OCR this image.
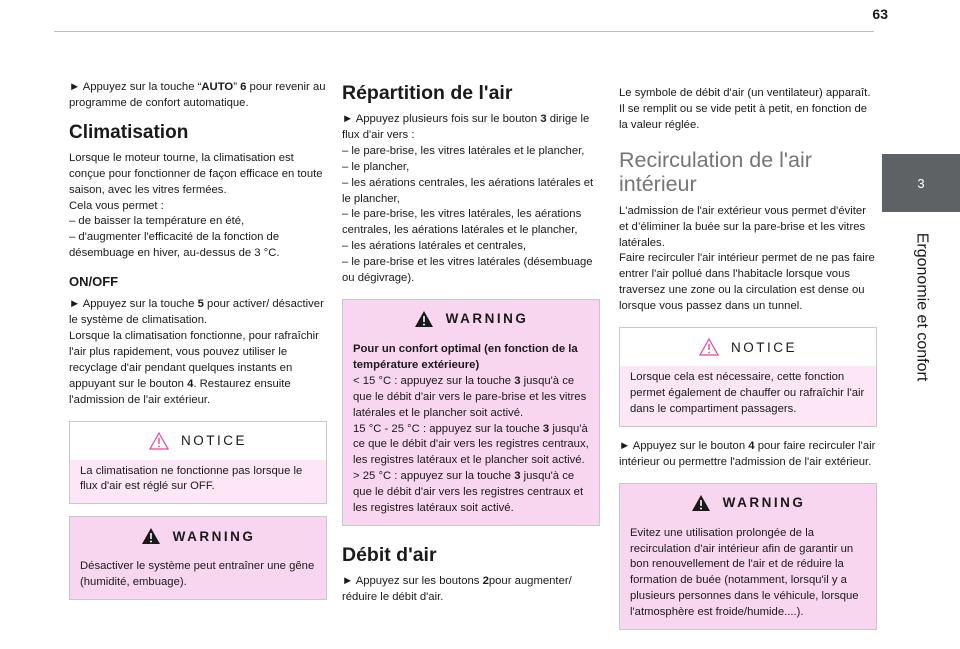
63
3
Ergonomie et confort

► Appuyez sur la touche “AUTO” 6 pour revenir au programme de confort automatique.

Climatisation

Lorsque le moteur tourne, la climatisation est conçue pour fonctionner de façon efficace en toute saison, avec les vitres fermées.

Cela vous permet :

– de baisser la température en été,

– d'augmenter l'efficacité de la fonction de désembuage en hiver, au-dessus de 3 °C.

ON/OFF

► Appuyez sur la touche 5 pour activer/ désactiver le système de climatisation.

Lorsque la climatisation fonctionne, pour rafraîchir l'air plus rapidement, vous pouvez utiliser le recyclage d'air pendant quelques instants en appuyant sur le bouton 4. Restaurez ensuite l'admission de l'air extérieur.

NOTICE

La climatisation ne fonctionne pas lorsque le flux d'air est réglé sur OFF.

WARNING

Désactiver le système peut entraîner une gêne (humidité, embuage).

Répartition de l'air

► Appuyez plusieurs fois sur le bouton 3 dirige le flux d'air vers :

– le pare-brise, les vitres latérales et le plancher,

– le plancher,

– les aérations centrales, les aérations latérales et le plancher,

– le pare-brise, les vitres latérales, les aérations centrales, les aérations latérales et le plancher,

– les aérations latérales et centrales,

– le pare-brise et les vitres latérales (désembuage ou dégivrage).

WARNING

Pour un confort optimal (en fonction de la température extérieure)

< 15 °C : appuyez sur la touche 3 jusqu'à ce que le débit d'air vers le pare-brise et les vitres latérales et le plancher soit activé.

15 °C - 25 °C : appuyez sur la touche 3 jusqu'à ce que le débit d'air vers les registres centraux, les registres latéraux et le plancher soit activé.

> 25 °C : appuyez sur la touche 3 jusqu'à ce que le débit d'air vers les registres centraux et les registres latéraux soit activé.

Débit d'air

► Appuyez sur les boutons 2pour augmenter/ réduire le débit d'air.

Le symbole de débit d'air (un ventilateur) apparaît. Il se remplit ou se vide petit à petit, en fonction de la valeur réglée.

Recirculation de l'air intérieur

L'admission de l'air extérieur vous permet d'éviter et d’éliminer la buée sur la pare-brise et les vitres latérales.

Faire recirculer l'air intérieur permet de ne pas faire entrer l'air pollué dans l'habitacle lorsque vous traversez une zone ou la circulation est dense ou lorsque vous passez dans un tunnel.

NOTICE

Lorsque cela est nécessaire, cette fonction permet également de chauffer ou rafraîchir l'air dans le compartiment passagers.

► Appuyez sur le bouton 4 pour faire recirculer l'air intérieur ou permettre l'admission de l'air extérieur.

WARNING

Evitez une utilisation prolongée de la recirculation d'air intérieur afin de garantir un bon renouvellement de l'air et de réduire la formation de buée (notamment, lorsqu'il y a plusieurs personnes dans le véhicule, lorsque l'atmosphère est froide/humide....).
